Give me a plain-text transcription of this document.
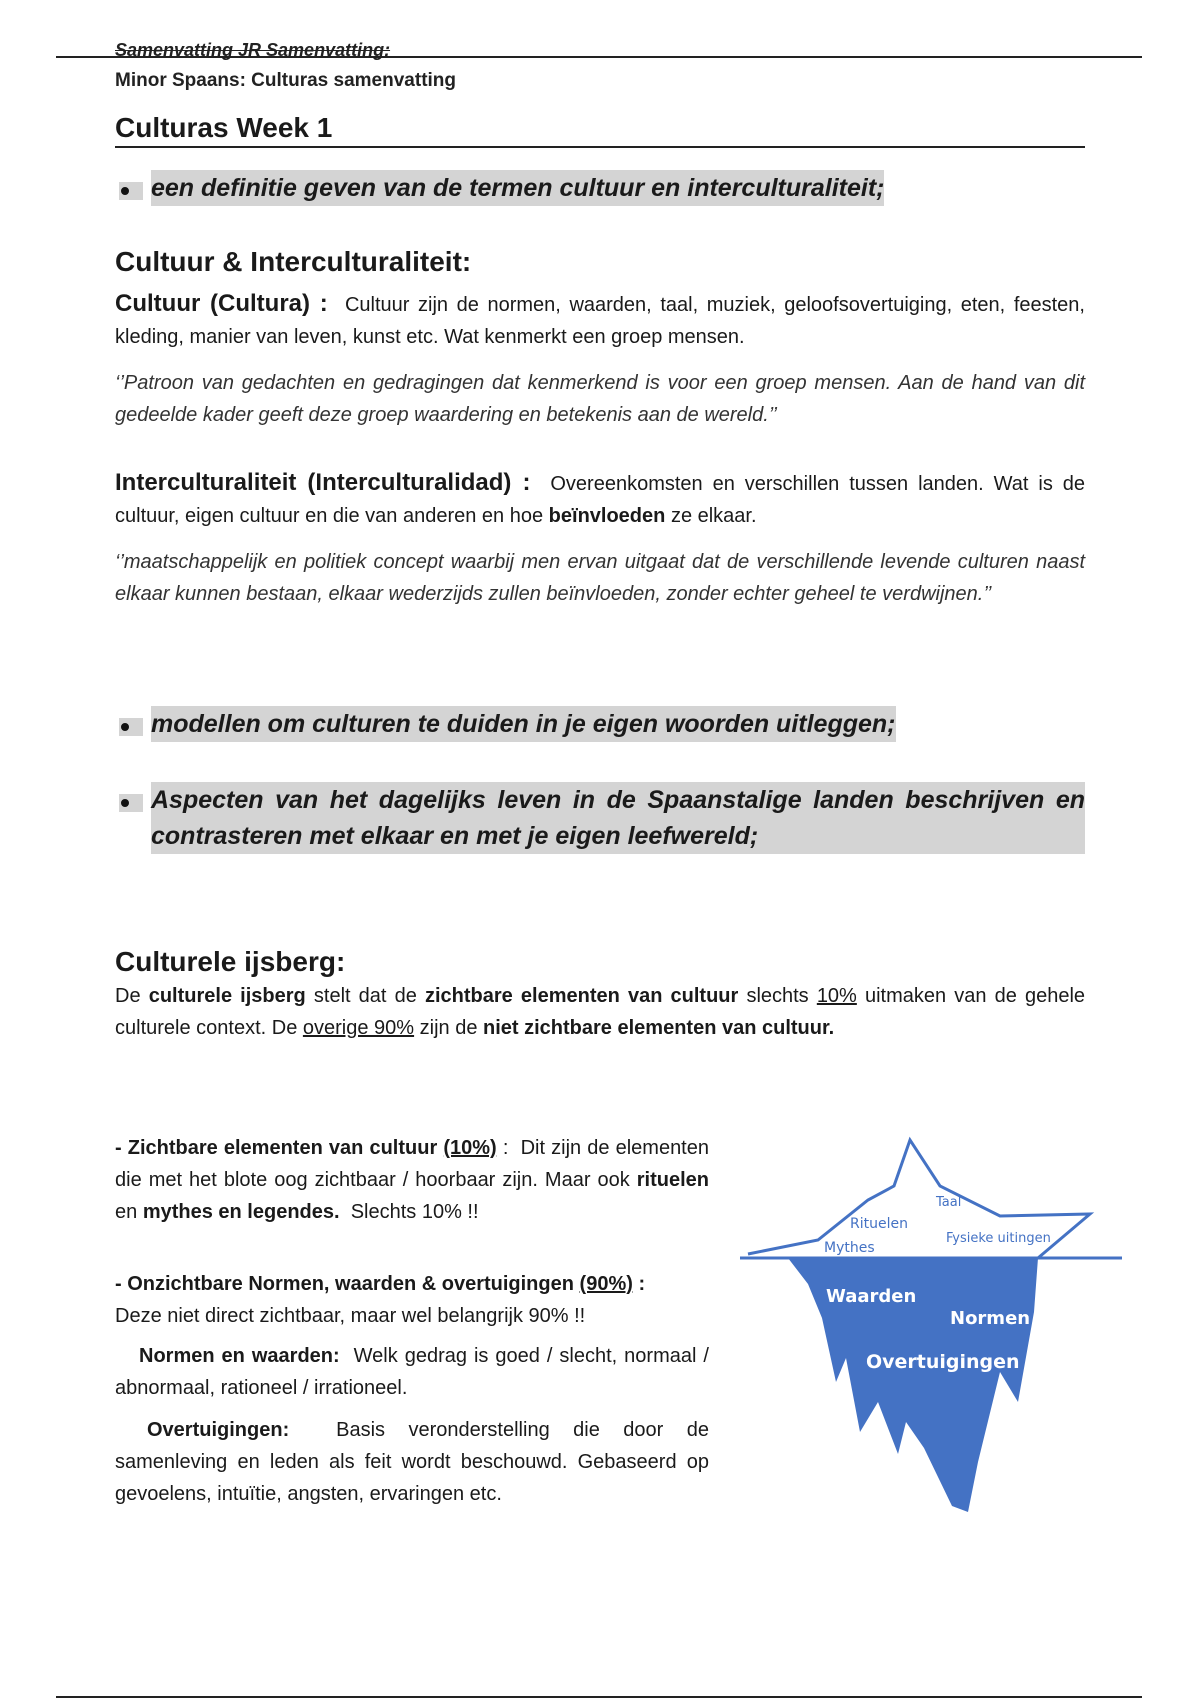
Samenvatting JR Samenvatting:
Minor Spaans: Culturas samenvatting
Culturas Week 1
een definitie geven van de termen cultuur en interculturaliteit;
Cultuur & Interculturaliteit:

Cultuur (Cultura) : Cultuur zijn de normen, waarden, taal, muziek, geloofsovertuiging, eten, feesten, kleding, manier van leven, kunst etc. Wat kenmerkt een groep mensen.

‘’Patroon van gedachten en gedragingen dat kenmerkend is voor een groep mensen. Aan de hand van dit gedeelde kader geeft deze groep waardering en betekenis aan de wereld.’’

Interculturaliteit (Interculturalidad) : Overeenkomsten en verschillen tussen landen. Wat is de cultuur, eigen cultuur en die van anderen en hoe beïnvloeden ze elkaar.

‘’maatschappelijk en politiek concept waarbij men ervan uitgaat dat de verschillende levende culturen naast elkaar kunnen bestaan, elkaar wederzijds zullen beïnvloeden, zonder echter geheel te verdwijnen.’’

modellen om culturen te duiden in je eigen woorden uitleggen;
Aspecten van het dagelijks leven in de Spaanstalige landen beschrijven en contrasteren met elkaar en met je eigen leefwereld;
Culturele ijsberg:

De culturele ijsberg stelt dat de zichtbare elementen van cultuur slechts 10% uitmaken van de gehele culturele context. De overige 90% zijn de niet zichtbare elementen van cultuur.

- Zichtbare elementen van cultuur (10%) : Dit zijn de elementen die met het blote oog zichtbaar / hoorbaar zijn. Maar ook rituelen en mythes en legendes. Slechts 10% !!

- Onzichtbare Normen, waarden & overtuigingen (90%) :
Deze niet direct zichtbaar, maar wel belangrijk 90% !!

Normen en waarden: Welk gedrag is goed / slecht, normaal / abnormaal, rationeel / irrationeel.

Overtuigingen: Basis veronderstelling die door de samenleving en leden als feit wordt beschouwd. Gebaseerd op gevoelens, intuïtie, angsten, ervaringen etc.

Taal
Rituelen
Fysieke uitingen
Mythes
Waarden
Normen
Overtuigingen
